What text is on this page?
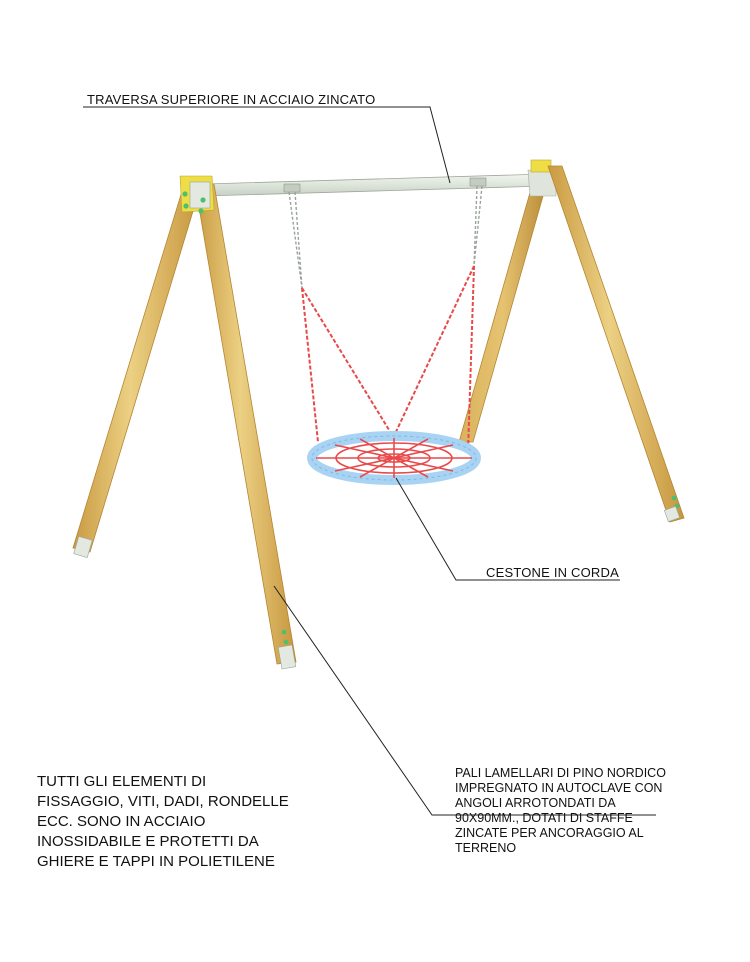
TRAVERSA SUPERIORE IN ACCIAIO ZINCATO
CESTONE IN CORDA
TUTTI GLI ELEMENTI DI
FISSAGGIO, VITI, DADI, RONDELLE
ECC. SONO IN ACCIAIO
INOSSIDABILE E PROTETTI DA
GHIERE E TAPPI IN POLIETILENE
PALI LAMELLARI DI PINO NORDICO
IMPREGNATO IN AUTOCLAVE CON
ANGOLI ARROTONDATI DA
90X90MM., DOTATI DI STAFFE
ZINCATE PER ANCORAGGIO AL
TERRENO
